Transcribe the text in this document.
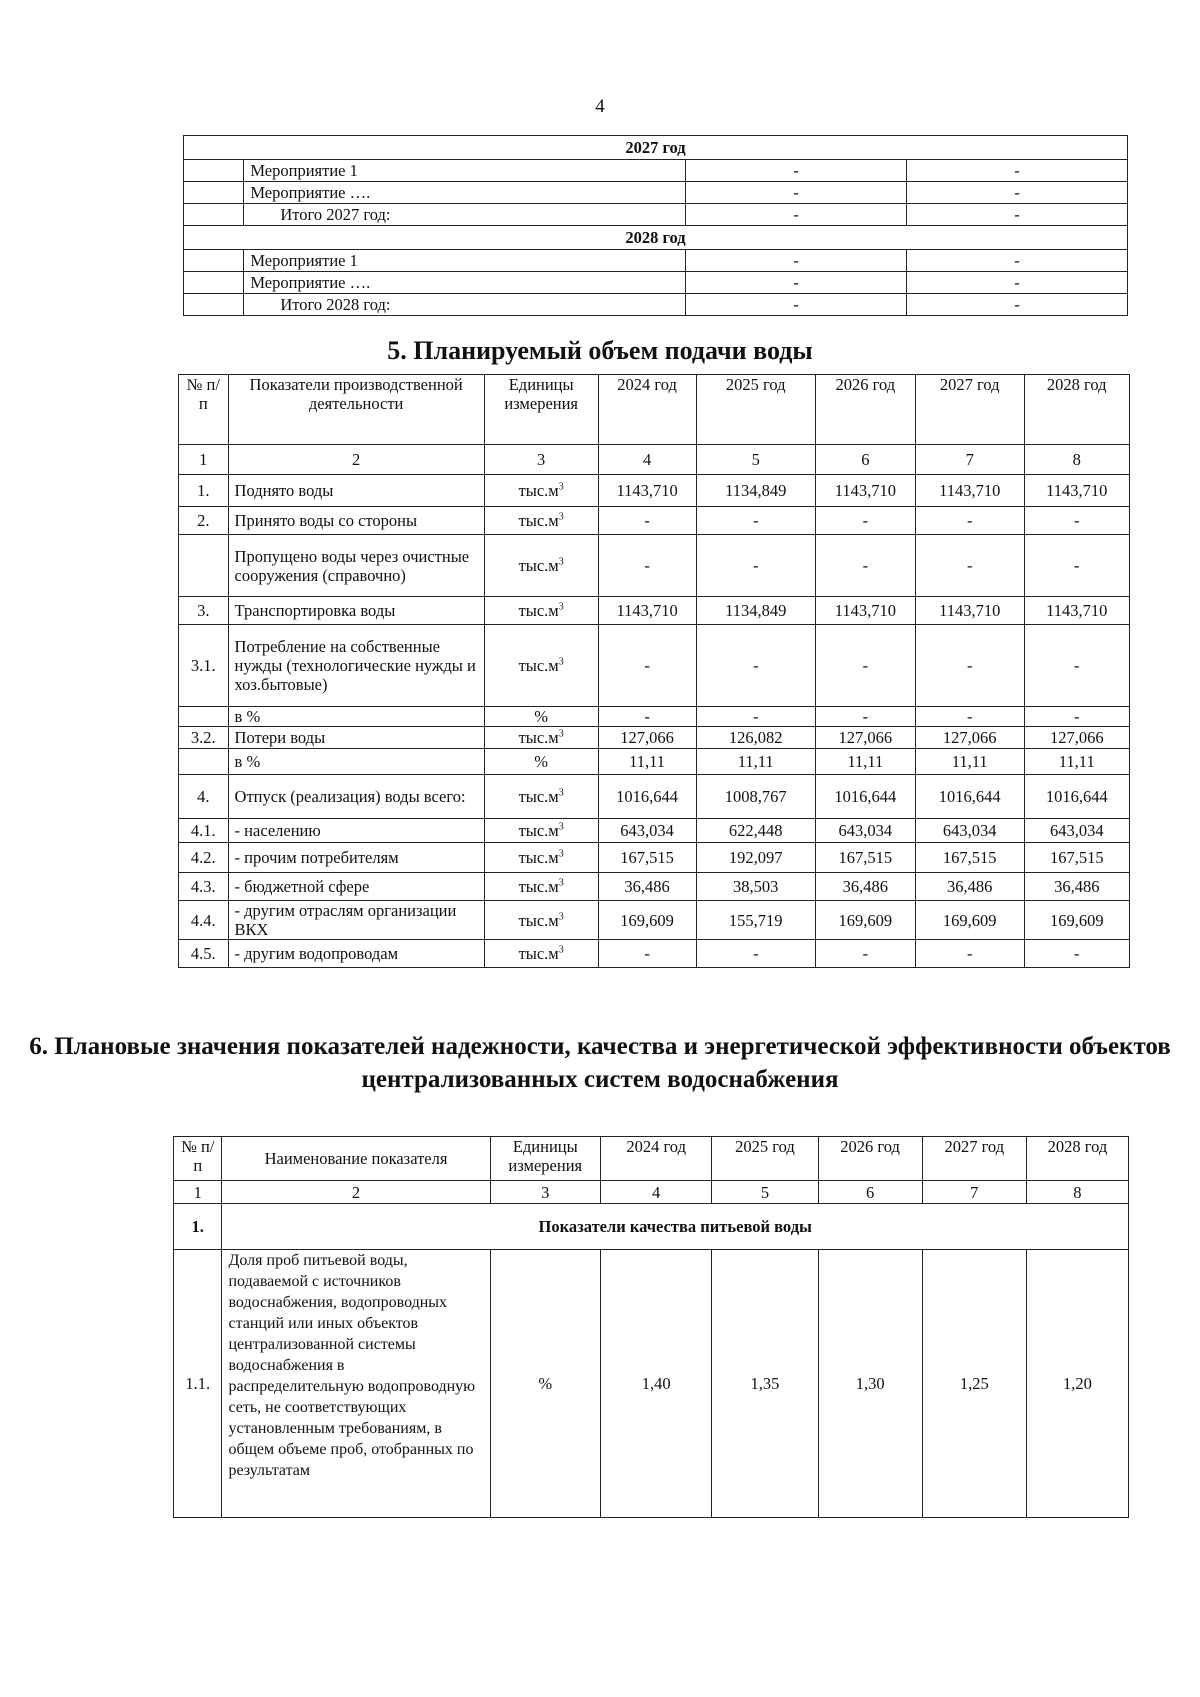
4
2027 год			
	Мероприятие 1	-	-
	Мероприятие ….	-	-
	Итого 2027 год:	-	-
2028 год			
	Мероприятие 1	-	-
	Мероприятие ….	-	-
	Итого 2028 год:	-	-
5. Планируемый объем подачи воды
№ п/п	Показатели производственной деятельности	Единицы измерения	2024 год	2025 год	2026 год	2027 год	2028 год
1	2	3	4	5	6	7	8
1.	Поднято воды	$тыс.м^3$	1143,710	1134,849	1143,710	1143,710	1143,710
2.	Принято воды со стороны	$тыс.м^3$	-	-	-	-	-
	Пропущено воды через очистные сооружения (справочно)	$тыс.м^3$	-	-	-	-	-
3.	Транспортировка воды	$тыс.м^3$	1143,710	1134,849	1143,710	1143,710	1143,710
3.1.	Потребление на собственные нужды (технологические нужды и хоз.бытовые)	$тыс.м^3$	-	-	-	-	-
	в %	%	-	-	-	-	-
3.2.	Потери воды	$тыс.м^3$	127,066	126,082	127,066	127,066	127,066
	в %	%	11,11	11,11	11,11	11,11	11,11
4.	Отпуск (реализация) воды всего:	$тыс.м^3$	1016,644	1008,767	1016,644	1016,644	1016,644
4.1.	- населению	$тыс.м^3$	643,034	622,448	643,034	643,034	643,034
4.2.	- прочим потребителям	$тыс.м^3$	167,515	192,097	167,515	167,515	167,515
4.3.	- бюджетной сфере	$тыс.м^3$	36,486	38,503	36,486	36,486	36,486
4.4.	- другим отраслям организации ВКХ	$тыс.м^3$	169,609	155,719	169,609	169,609	169,609
4.5.	- другим водопроводам	$тыс.м^3$	-	-	-	-	-
6. Плановые значения показателей надежности, качества и энергетической эффективности объектов централизованных систем водоснабжения
№ п/п	Наименование показателя	Единицы измерения	2024 год	2025 год	2026 год	2027 год	2028 год
1	2	3	4	5	6	7	8
1.	Показатели качества питьевой воды						
1.1.	Доля проб питьевой воды, подаваемой с источников водоснабжения, водопроводных станций или иных объектов централизованной системы водоснабжения в распределительную водопроводную сеть, не соответствующих установленным требованиям, в общем объеме проб, отобранных по результатам	%	1,40	1,35	1,30	1,25	1,20
